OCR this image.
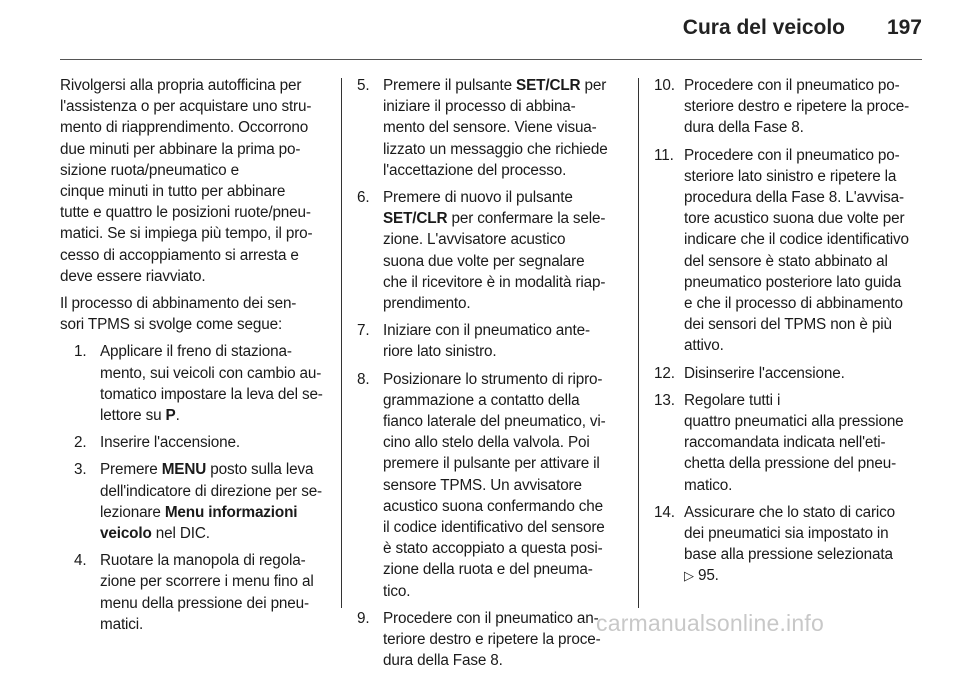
Cura del veicolo	197
Rivolgersi alla propria autofficina per
l'assistenza o per acquistare uno stru-
mento di riapprendimento. Occorrono
due minuti per abbinare la prima po-
sizione ruota/pneumatico e
cinque minuti in tutto per abbinare
tutte e quattro le posizioni ruote/pneu-
matici. Se si impiega più tempo, il pro-
cesso di accoppiamento si arresta e
deve essere riavviato.
Il processo di abbinamento dei sen-
sori TPMS si svolge come segue:
1. Applicare il freno di staziona-
mento, sui veicoli con cambio au-
tomatico impostare la leva del se-
lettore su P.
2. Inserire l'accensione.
3. Premere MENU posto sulla leva
dell'indicatore di direzione per se-
lezionare Menu informazioni
veicolo nel DIC.
4. Ruotare la manopola di regola-
zione per scorrere i menu fino al
menu della pressione dei pneu-
matici.
5. Premere il pulsante SET/CLR per
iniziare il processo di abbina-
mento del sensore. Viene visua-
lizzato un messaggio che richiede
l'accettazione del processo.
6. Premere di nuovo il pulsante
SET/CLR per confermare la sele-
zione. L'avvisatore acustico
suona due volte per segnalare
che il ricevitore è in modalità riap-
prendimento.
7. Iniziare con il pneumatico ante-
riore lato sinistro.
8. Posizionare lo strumento di ripro-
grammazione a contatto della
fianco laterale del pneumatico, vi-
cino allo stelo della valvola. Poi
premere il pulsante per attivare il
sensore TPMS. Un avvisatore
acustico suona confermando che
il codice identificativo del sensore
è stato accoppiato a questa posi-
zione della ruota e del pneuma-
tico.
9. Procedere con il pneumatico an-
teriore destro e ripetere la proce-
dura della Fase 8.
10. Procedere con il pneumatico po-
steriore destro e ripetere la proce-
dura della Fase 8.
11. Procedere con il pneumatico po-
steriore lato sinistro e ripetere la
procedura della Fase 8. L'avvisa-
tore acustico suona due volte per
indicare che il codice identificativo
del sensore è stato abbinato al
pneumatico posteriore lato guida
e che il processo di abbinamento
dei sensori del TPMS non è più
attivo.
12. Disinserire l'accensione.
13. Regolare tutti i
quattro pneumatici alla pressione
raccomandata indicata nell'eti-
chetta della pressione del pneu-
matico.
14. Assicurare che lo stato di carico
dei pneumatici sia impostato in
base alla pressione selezionata
▷ 95.
carmanualsonline.info
